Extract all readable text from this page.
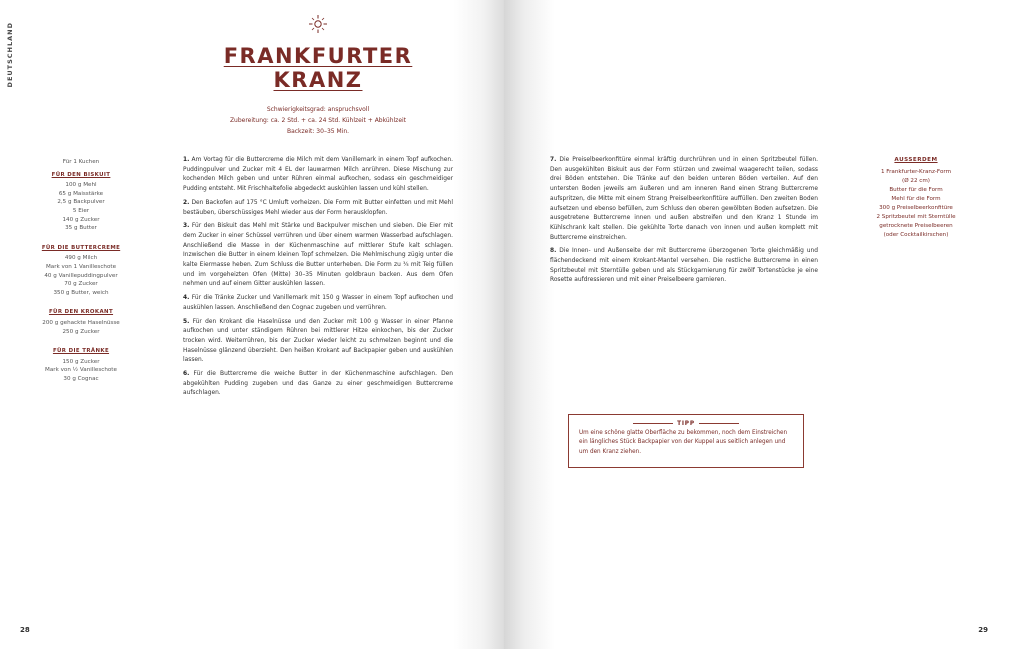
DEUTSCHLAND	FRANKFURTER
KRANZ
Schwierigkeitsgrad: anspruchsvoll
Zubereitung: ca. 2 Std. + ca. 24 Std. Kühlzeit + Abkühlzeit
Backzeit: 30–35 Min.
Für 1 Kuchen
FÜR DEN BISKUIT
100 g Mehl
65 g Maisstärke
2,5 g Backpulver
5 Eier
140 g Zucker
35 g Butter
FÜR DIE BUTTERCREME
490 g Milch
Mark von 1 Vanilleschote
40 g Vanillepuddingpulver
70 g Zucker
350 g Butter, weich
FÜR DEN KROKANT
200 g gehackte Haselnüsse
250 g Zucker
FÜR DIE TRÄNKE
150 g Zucker
Mark von ½ Vanilleschote
30 g Cognac

1. Am Vortag für die Buttercreme die Milch mit dem Vanillemark in einem Topf aufkochen. Puddingpulver und Zucker mit 4 EL der lauwarmen Milch anrühren. Diese Mischung zur kochenden Milch geben und unter Rühren einmal aufkochen, sodass ein geschmeidiger Pudding entsteht. Mit Frischhaltefolie abgedeckt auskühlen lassen und kühl stellen.

2. Den Backofen auf 175 °C Umluft vorheizen. Die Form mit Butter einfetten und mit Mehl bestäuben, überschüssiges Mehl wieder aus der Form herausklopfen.

3. Für den Biskuit das Mehl mit Stärke und Backpulver mischen und sieben. Die Eier mit dem Zucker in einer Schüssel verrühren und über einem warmen Wasserbad aufschlagen. Anschließend die Masse in der Küchenmaschine auf mittlerer Stufe kalt schlagen. Inzwischen die Butter in einem kleinen Topf schmelzen. Die Mehlmischung zügig unter die kalte Eiermasse heben. Zum Schluss die Butter unterheben. Die Form zu ¾ mit Teig füllen und im vorgeheizten Ofen (Mitte) 30–35 Minuten goldbraun backen. Aus dem Ofen nehmen und auf einem Gitter auskühlen lassen.

4. Für die Tränke Zucker und Vanillemark mit 150 g Wasser in einem Topf aufkochen und auskühlen lassen. Anschließend den Cognac zugeben und verrühren.

5. Für den Krokant die Haselnüsse und den Zucker mit 100 g Wasser in einer Pfanne aufkochen und unter ständigem Rühren bei mittlerer Hitze einkochen, bis der Zucker trocken wird. Weiterrühren, bis der Zucker wieder leicht zu schmelzen beginnt und die Haselnüsse glänzend überzieht. Den heißen Krokant auf Backpapier geben und auskühlen lassen.

6. Für die Buttercreme die weiche Butter in der Küchenmaschine aufschlagen. Den abgekühlten Pudding zugeben und das Ganze zu einer geschmeidigen Buttercreme aufschlagen.

28

7. Die Preiselbeerkonfitüre einmal kräftig durchrühren und in einen Spritzbeutel füllen. Den ausgekühlten Biskuit aus der Form stürzen und zweimal waagerecht teilen, sodass drei Böden entstehen. Die Tränke auf den beiden unteren Böden verteilen. Auf den untersten Boden jeweils am äußeren und am inneren Rand einen Strang Buttercreme aufspritzen, die Mitte mit einem Strang Preiselbeerkonfitüre auffüllen. Den zweiten Boden aufsetzen und ebenso befüllen, zum Schluss den oberen gewölbten Boden aufsetzen. Die ausgetretene Buttercreme innen und außen abstreifen und den Kranz 1 Stunde im Kühlschrank kalt stellen. Die gekühlte Torte danach von innen und außen komplett mit Buttercreme einstreichen.

8. Die Innen- und Außenseite der mit Buttercreme überzogenen Torte gleichmäßig und flächendeckend mit einem Krokant-Mantel versehen. Die restliche Buttercreme in einen Spritzbeutel mit Sterntülle geben und als Stückgarnierung für zwölf Tortenstücke je eine Rosette aufdressieren und mit einer Preiselbeere garnieren.

AUSSERDEM
1 Frankfurter-Kranz-Form
(Ø 22 cm)
Butter für die Form
Mehl für die Form
300 g Preiselbeerkonfitüre
2 Spritzbeutel mit Sterntülle
getrocknete Preiselbeeren
(oder Cocktailkirschen)
TIPP
Um eine schöne glatte Oberfläche zu bekommen, noch dem Einstreichen ein längliches Stück Backpapier von der Kuppel aus seitlich anlegen und um den Kranz ziehen.
29
